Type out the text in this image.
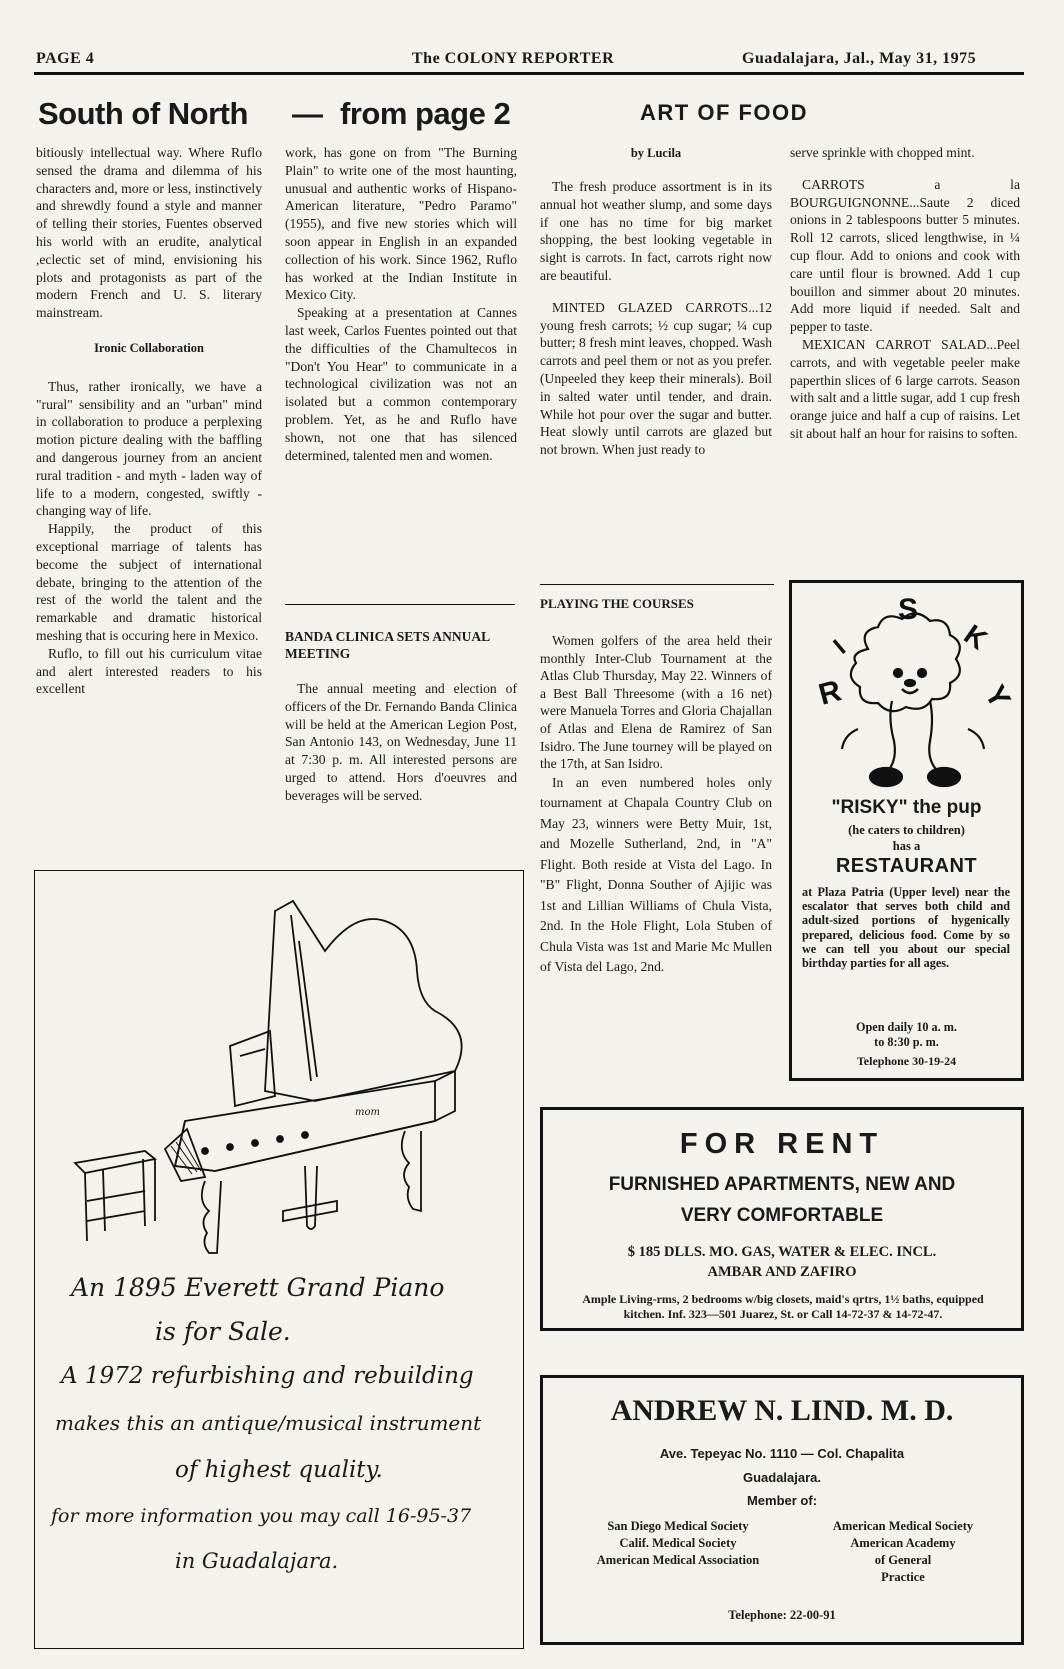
PAGE 4	The COLONY REPORTER	Guadalajara, Jal., May 31, 1975
South of North — from page 2

bitiously intellectual way. Where Ruflo sensed the drama and dilemma of his characters and, more or less, instinctively and shrewdly found a style and manner of telling their stories, Fuentes observed his world with an erudite, analytical ,eclectic set of mind, envisioning his plots and protagonists as part of the modern French and U. S. literary mainstream.

Ironic Collaboration

Thus, rather ironically, we have a "rural" sensibility and an "urban" mind in collaboration to produce a perplexing motion picture dealing with the baffling and dangerous journey from an ancient rural tradition - and myth - laden way of life to a modern, congested, swiftly - changing way of life.

Happily, the product of this exceptional marriage of talents has become the subject of international debate, bringing to the attention of the rest of the world the talent and the remarkable and dramatic historical meshing that is occuring here in Mexico.

Ruflo, to fill out his curriculum vitae and alert interested readers to his excellent

work, has gone on from "The Burning Plain" to write one of the most haunting, unusual and authentic works of Hispano-American literature, "Pedro Paramo" (1955), and five new stories which will soon appear in English in an expanded collection of his work. Since 1962, Ruflo has worked at the Indian Institute in Mexico City.

Speaking at a presentation at Cannes last week, Carlos Fuentes pointed out that the difficulties of the Chamultecos in "Don't You Hear" to communicate in a technological civilization was not an isolated but a common contemporary problem. Yet, as he and Ruflo have shown, not one that has silenced determined, talented men and women.

BANDA CLINICA SETS ANNUAL MEETING

The annual meeting and election of officers of the Dr. Fernando Banda Clinica will be held at the American Legion Post, San Antonio 143, on Wednesday, June 11 at 7:30 p. m. All interested persons are urged to attend. Hors d'oeuvres and beverages will be served.

ART OF FOOD
by Lucila

The fresh produce assortment is in its annual hot weather slump, and some days if one has no time for big market shopping, the best looking vegetable in sight is carrots. In fact, carrots right now are beautiful.

MINTED GLAZED CARROTS...12 young fresh carrots; ½ cup sugar; ¼ cup butter; 8 fresh mint leaves, chopped. Wash carrots and peel them or not as you prefer. (Unpeeled they keep their minerals). Boil in salted water until tender, and drain. While hot pour over the sugar and butter. Heat slowly until carrots are glazed but not brown. When just ready to

serve sprinkle with chopped mint.

CARROTS a la BOURGUIGNONNE...Saute 2 diced onions in 2 tablespoons butter 5 minutes. Roll 12 carrots, sliced lengthwise, in ¼ cup flour. Add to onions and cook with care until flour is browned. Add 1 cup bouillon and simmer about 20 minutes. Add more liquid if needed. Salt and pepper to taste.

MEXICAN CARROT SALAD...Peel carrots, and with vegetable peeler make paperthin slices of 6 large carrots. Season with salt and a little sugar, add 1 cup fresh orange juice and half a cup of raisins. Let sit about half an hour for raisins to soften.

PLAYING THE COURSES

Women golfers of the area held their monthly Inter-Club Tournament at the Atlas Club Thursday, May 22. Winners of a Best Ball Threesome (with a 16 net) were Manuela Torres and Gloria Chajallan of Atlas and Elena de Ramirez of San Isidro. The June tourney will be played on the 17th, at San Isidro.

In an even numbered holes only tournament at Chapala Country Club on May 23, winners were Betty Muir, 1st, and Mozelle Sutherland, 2nd, in "A" Flight. Both reside at Vista del Lago. In "B" Flight, Donna Souther of Ajijic was 1st and Lillian Williams of Chula Vista, 2nd. In the Hole Flight, Lola Stuben of Chula Vista was 1st and Marie Mc Mullen of Vista del Lago, 2nd.

R
I
S
K
Y
"RISKY" the pup
(he caters to children)
has a
RESTAURANT
at Plaza Patria (Upper level) near the escalator that serves both child and adult-sized portions of hygenically prepared, delicious food. Come by so we can tell you about our special birthday parties for all ages.
Open daily 10 a. m.
to 8:30 p. m.
Telephone 30-19-24
mom
An 1895 Everett Grand Piano
is for Sale.
A 1972 refurbishing and rebuilding
makes this an antique/musical instrument
of highest quality.
for more information you may call 16-95-37
in Guadalajara.
FOR RENT
FURNISHED APARTMENTS, NEW AND
VERY COMFORTABLE
$ 185 DLLS. MO. GAS, WATER & ELEC. INCL.
AMBAR AND ZAFIRO
Ample Living-rms, 2 bedrooms w/big closets, maid's qrtrs, 1½ baths, equipped kitchen. Inf. 323—501 Juarez, St. or Call 14-72-37 & 14-72-47.
ANDREW N. LIND. M. D.
Ave. Tepeyac No. 1110 — Col. Chapalita
Guadalajara.
Member of:
San Diego Medical Society
Calif. Medical Society
American Medical Association
American Medical Society
American Academy
of General
Practice
Telephone: 22-00-91
